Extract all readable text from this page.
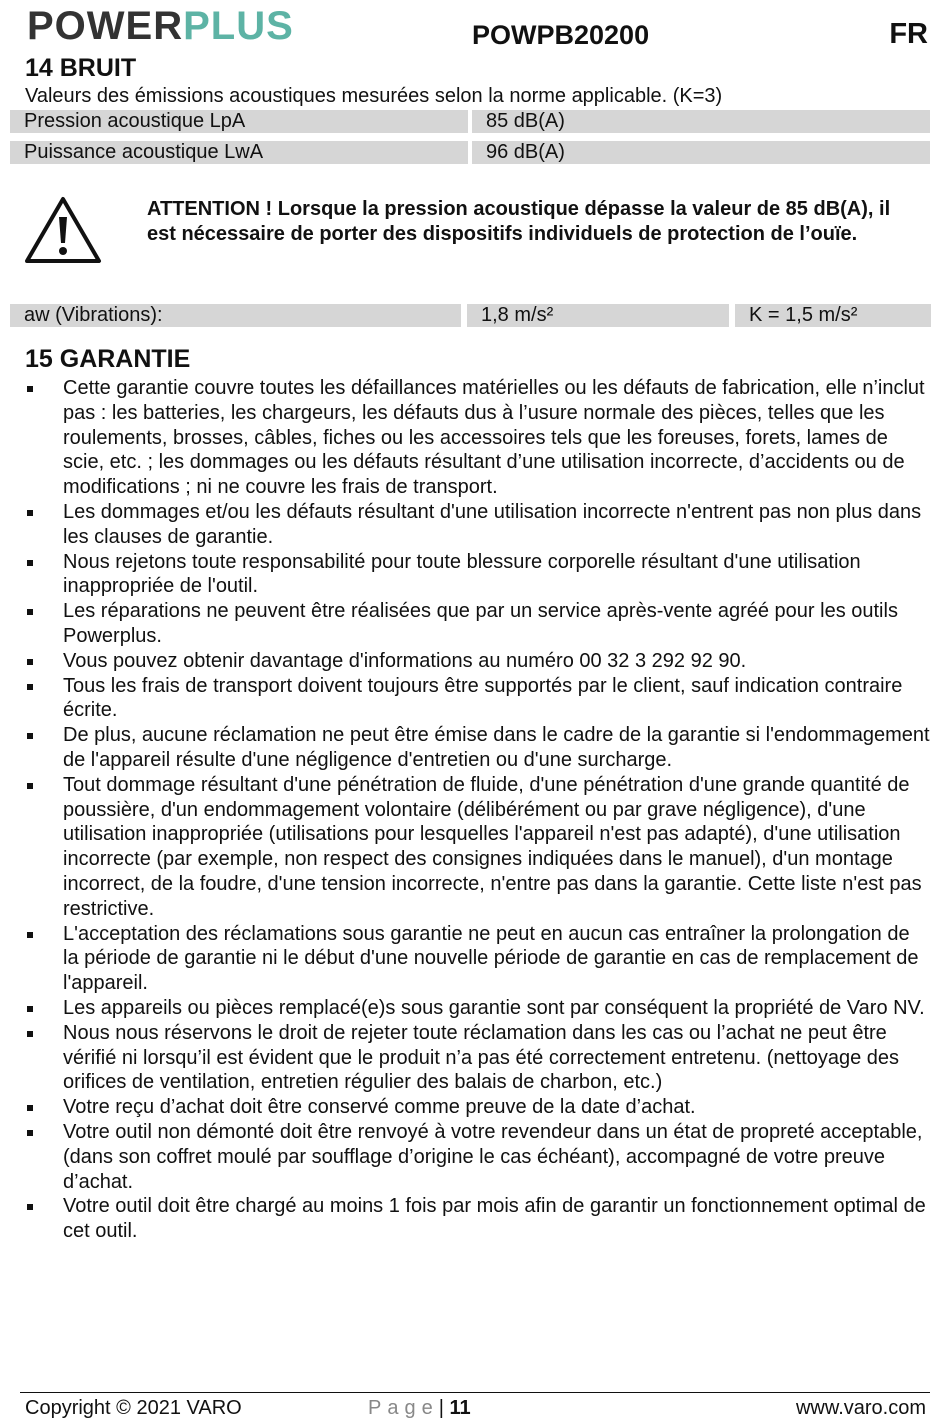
POWERPLUS	POWPB20200	FR
14 BRUIT
Valeurs des émissions acoustiques mesurées selon la norme applicable. (K=3)
Pression acoustique LpA	85 dB(A)
Puissance acoustique LwA	96 dB(A)
ATTENTION ! Lorsque la pression acoustique dépasse la valeur de 85 dB(A), il est nécessaire de porter des dispositifs individuels de protection de l’ouïe.
aw (Vibrations):	1,8 m/s²	K = 1,5 m/s²
15 GARANTIE
Cette garantie couvre toutes les défaillances matérielles ou les défauts de fabrication, elle n’inclut pas : les batteries, les chargeurs, les défauts dus à l’usure normale des pièces, telles que les roulements, brosses, câbles, fiches ou les accessoires tels que les foreuses, forets, lames de scie, etc. ; les dommages ou les défauts résultant d’une utilisation incorrecte, d’accidents ou de modifications ; ni ne couvre les frais de transport.
Les dommages et/ou les défauts résultant d'une utilisation incorrecte n'entrent pas non plus dans les clauses de garantie.
Nous rejetons toute responsabilité pour toute blessure corporelle résultant d'une utilisation inappropriée de l'outil.
Les réparations ne peuvent être réalisées que par un service après-vente agréé pour les outils Powerplus.
Vous pouvez obtenir davantage d'informations au numéro 00 32 3 292 92 90.
Tous les frais de transport doivent toujours être supportés par le client, sauf indication contraire écrite.
De plus, aucune réclamation ne peut être émise dans le cadre de la garantie si l'endommagement de l'appareil résulte d'une négligence d'entretien ou d'une surcharge.
Tout dommage résultant d'une pénétration de fluide, d'une pénétration d'une grande quantité de poussière, d'un endommagement volontaire (délibérément ou par grave négligence), d'une utilisation inappropriée (utilisations pour lesquelles l'appareil n'est pas adapté), d'une utilisation incorrecte (par exemple, non respect des consignes indiquées dans le manuel), d'un montage incorrect, de la foudre, d'une tension incorrecte, n'entre pas dans la garantie. Cette liste n'est pas restrictive.
L'acceptation des réclamations sous garantie ne peut en aucun cas entraîner la prolongation de la période de garantie ni le début d'une nouvelle période de garantie en cas de remplacement de l'appareil.
Les appareils ou pièces remplacé(e)s sous garantie sont par conséquent la propriété de Varo NV.
Nous nous réservons le droit de rejeter toute réclamation dans les cas ou l’achat ne peut être vérifié ni lorsqu’il est évident que le produit n’a pas été correctement entretenu. (nettoyage des orifices de ventilation, entretien régulier des balais de charbon, etc.)
Votre reçu d’achat doit être conservé comme preuve de la date d’achat.
Votre outil non démonté doit être renvoyé à votre revendeur dans un état de propreté acceptable, (dans son coffret moulé par soufflage d’origine le cas échéant), accompagné de votre preuve d’achat.
Votre outil doit être chargé au moins 1 fois par mois afin de garantir un fonctionnement optimal de cet outil.
Copyright © 2021 VARO	Page| 11	www.varo.com
